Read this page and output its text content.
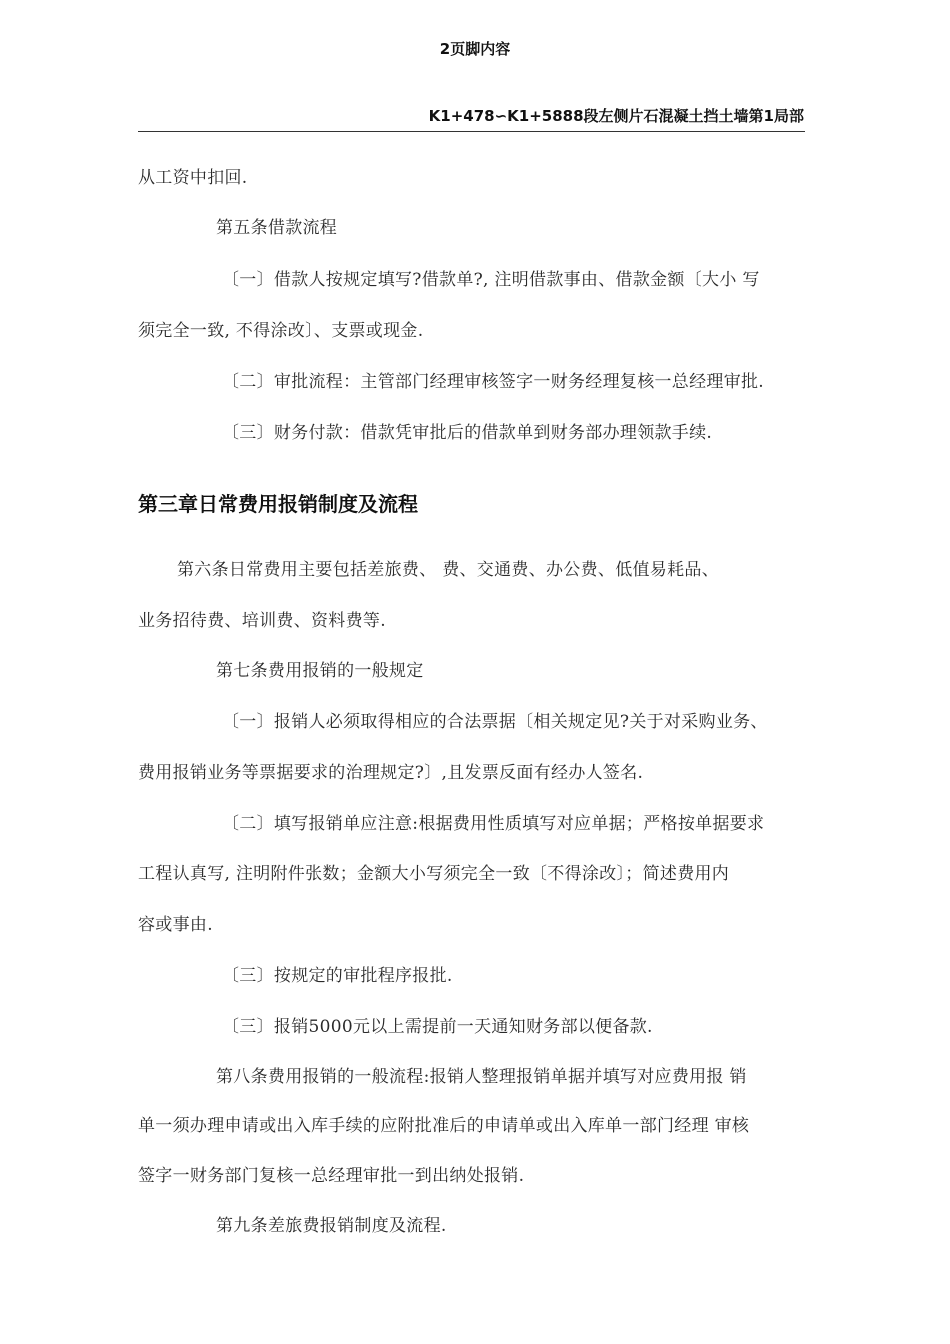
2页脚内容
K1+478∽K1+5888段左侧片石混凝土挡土墙第1局部
从工资中扣回.
第五条借款流程
〔一〕借款人按规定填写?借款单?, 注明借款事由、借款金额〔大小 写
须完全一致, 不得涂改〕、支票或现金.
〔二〕审批流程：主管部门经理审核签字一财务经理复核一总经理审批.
〔三〕财务付款：借款凭审批后的借款单到财务部办理领款手续.
第三章日常费用报销制度及流程
第六条日常费用主要包括差旅费、 费、交通费、办公费、低值易耗品、
业务招待费、培训费、资料费等.
第七条费用报销的一般规定
〔一〕报销人必须取得相应的合法票据〔相关规定见?关于对采购业务、
费用报销业务等票据要求的治理规定?〕,且发票反面有经办人签名.
〔二〕填写报销单应注意:根据费用性质填写对应单据；严格按单据要求
工程认真写, 注明附件张数；金额大小写须完全一致〔不得涂改〕；简述费用内
容或事由.
〔三〕按规定的审批程序报批.
〔三〕报销5000元以上需提前一天通知财务部以便备款.
第八条费用报销的一般流程:报销人整理报销单据并填写对应费用报 销
单一须办理申请或出入库手续的应附批准后的申请单或出入库单一部门经理 审核
签字一财务部门复核一总经理审批一到出纳处报销.
第九条差旅费报销制度及流程.
